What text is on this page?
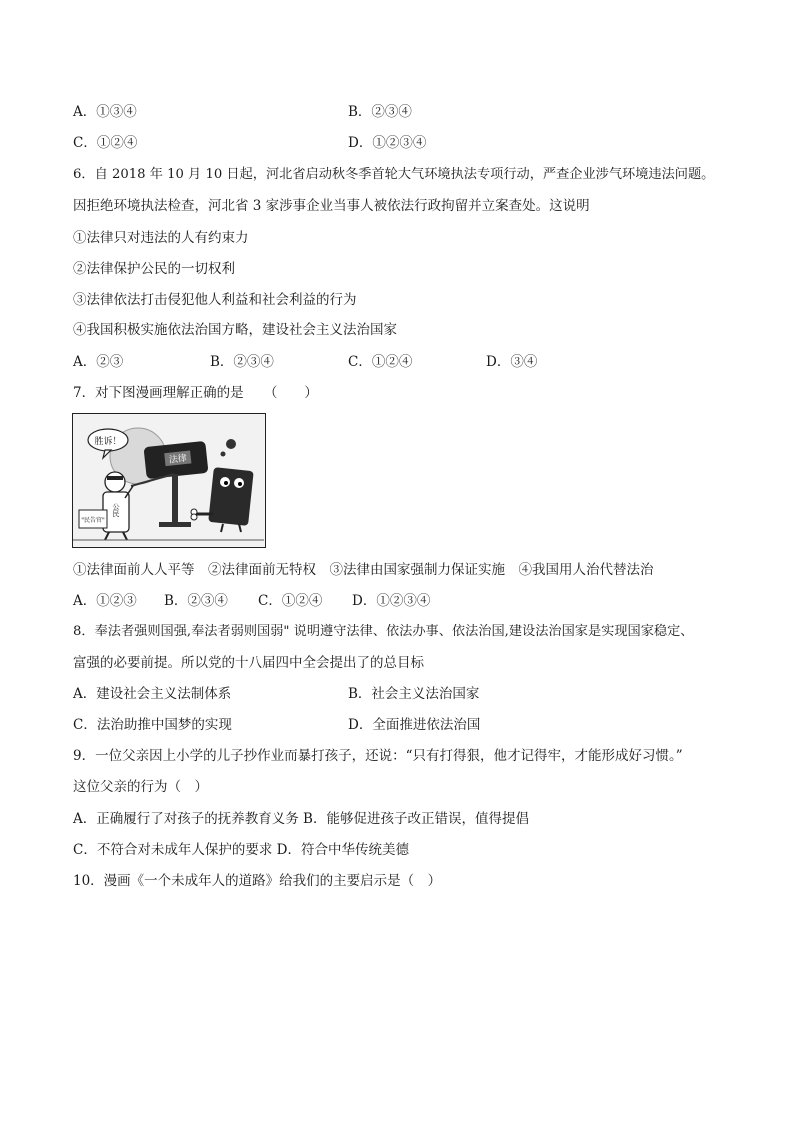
A．①③④	B．②③④
C．①②④	D．①②③④
6．自 2018 年 10 月 10 日起，河北省启动秋冬季首轮大气环境执法专项行动，严查企业涉气环境违法问题。
因拒绝环境执法检查，河北省 3 家涉事企业当事人被依法行政拘留并立案查处。这说明
①法律只对违法的人有约束力
②法律保护公民的一切权利
③法律依法打击侵犯他人利益和社会利益的行为
④我国积极实施依法治国方略，建设社会主义法治国家
A．②③	B．②③④	C．①②④	D．③④
7．对下图漫画理解正确的是　　（　　）
胜诉！
法律
公民
"民告官"
①法律面前人人平等　②法律面前无特权　③法律由国家强制力保证实施　④我国用人治代替法治
A．①②③ B．②③④ C．①②④ D．①②③④
8．奉法者强则国强,奉法者弱则国弱" 说明遵守法律、依法办事、依法治国,建设法治国家是实现国家稳定、
富强的必要前提。所以党的十八届四中全会提出了的总目标
A．建设社会主义法制体系	B．社会主义法治国家
C．法治助推中国梦的实现	D．全面推进依法治国
9．一位父亲因上小学的儿子抄作业而暴打孩子，还说：“只有打得狠，他才记得牢，才能形成好习惯。”
这位父亲的行为（　）
A．正确履行了对孩子的抚养教育义务 B．能够促进孩子改正错误，值得提倡
C．不符合对未成年人保护的要求 D．符合中华传统美德
10．漫画《一个未成年人的道路》给我们的主要启示是（　）
